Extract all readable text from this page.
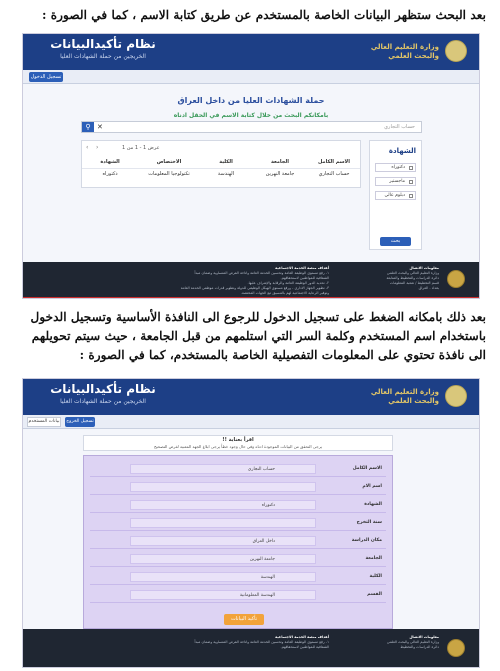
بعد البحث ستظهر البيانات الخاصة بالمستخدم عن طريق كتابة الاسم ، كما في الصورة :
نظام تأكيدالبيانات
الخريجين من حملة الشهادات العليا
وزارة التعليم العالي
والبحث العلمي
تسجيل الدخول
حملة الشهادات العليا من داخل العراق
بامكانكم البحث من خلال كتابة الاسم في الحقل ادناه
⚲ ✕	حساب التجاري
عرض 1 - 1 من 1
‹ ›
الاسم الكامل
الجامعة
الكلية
الاختصاص
الشهادة
حساب التجاري
جامعة النهرين
الهندسة
تكنولوجيا المعلومات
دكتوراه
الشهادة
دكتوراه
ماجستير
دبلوم عالي
بحث
معلومات الاتصال
وزارة التعليم العالي والبحث العلمي
دائرة الدراسات والتخطيط والمتابعة
قسم التخطيط / شعبة المعلومات
بغداد - العراق
أهداف منصة الخدمة الاجتماعية
١- رفع مستوى الوظيفة العامة وتحسين الخدمة العامة واتاحة الفرص المتساوية وضمان مبدأ
الشفافية للمواطنين لاستحقاقهم.
٢- تحديد الدور الوظيفة العامة والرقابة والإشراف عليها.
٣- تطوير الجهاز الاداري - ورفع مستوى الهيكل الوظيفي للدولة وتطوير قدرات موظفي الخدمة العامة
وتوفير الرعاية الاجتماعية لهم بالتنسيق مع الجهات المختصة.
بعد ذلك بامكانه الضغط على تسجيل الدخول للرجوع الى النافذة الأساسية وتسجيل الدخول باستخدام اسم المستخدم وكلمة السر التي استلمهم من قبل الجامعة ، حيث سيتم تحويلهم الى نافذة تحتوي على المعلومات التفصيلية الخاصة بالمستخدم، كما في الصورة :
نظام تأكيدالبيانات
الخريجين من حملة الشهادات العليا
وزارة التعليم العالي
والبحث العلمي
بيانات المستخدم	تسجيل الخروج
اقرأ بعناية !!
يرجى التحقق من البيانات الموجودة ادناه وفي حال وجود خطأ يرجى ابلاغ الجهة المعنية لغرض التصحيح
الاسم الكامل
حساب التجاري
اسم الام
الشهادة
دكتوراه
سنة التخرج
مكان الدراسة
داخل العراق
الجامعة
جامعة النهرين
الكلية
الهندسة
القسم
الهندسة المعلوماتية
تأكيد البيانات
معلومات الاتصال
وزارة التعليم العالي والبحث العلمي
دائرة الدراسات والتخطيط
أهداف منصة الخدمة الاجتماعية
١- رفع مستوى الوظيفة العامة وتحسين الخدمة العامة واتاحة الفرص المتساوية وضمان مبدأ
الشفافية للمواطنين لاستحقاقهم.
